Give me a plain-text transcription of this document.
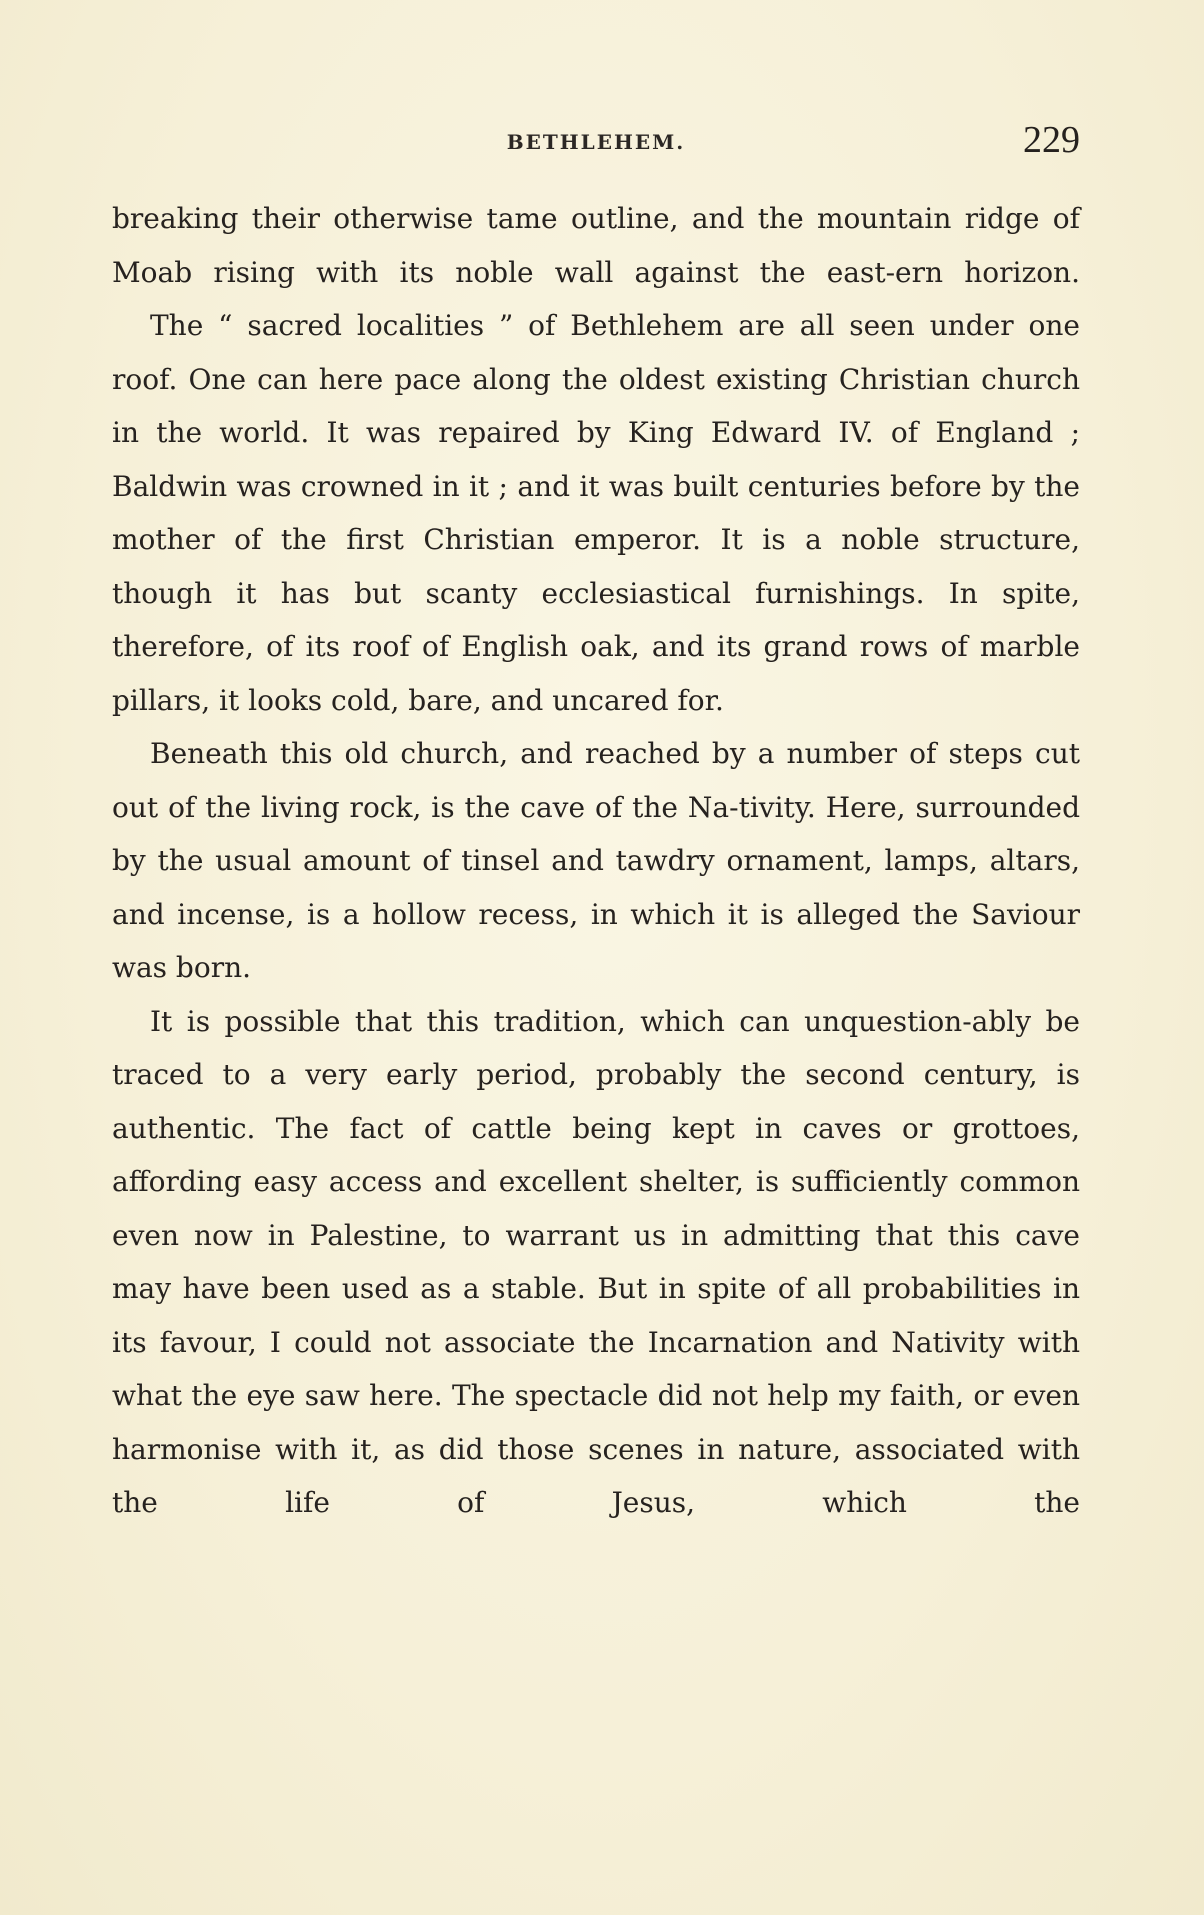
BETHLEHEM.	229

breaking their otherwise tame outline, and the mountain ridge of Moab rising with its noble wall against the east-ern horizon.

The “ sacred localities ” of Bethlehem are all seen under one roof. One can here pace along the oldest existing Christian church in the world. It was repaired by King Edward IV. of England ; Baldwin was crowned in it ; and it was built centuries before by the mother of the first Christian emperor. It is a noble structure, though it has but scanty ecclesiastical furnishings. In spite, therefore, of its roof of English oak, and its grand rows of marble pillars, it looks cold, bare, and uncared for.

Beneath this old church, and reached by a number of steps cut out of the living rock, is the cave of the Na-tivity. Here, surrounded by the usual amount of tinsel and tawdry ornament, lamps, altars, and incense, is a hollow recess, in which it is alleged the Saviour was born.

It is possible that this tradition, which can unquestion-ably be traced to a very early period, probably the second century, is authentic. The fact of cattle being kept in caves or grottoes, affording easy access and excellent shelter, is sufficiently common even now in Palestine, to warrant us in admitting that this cave may have been used as a stable. But in spite of all probabilities in its favour, I could not associate the Incarnation and Nativity with what the eye saw here. The spectacle did not help my faith, or even harmonise with it, as did those scenes in nature, associated with the life of Jesus, which the
